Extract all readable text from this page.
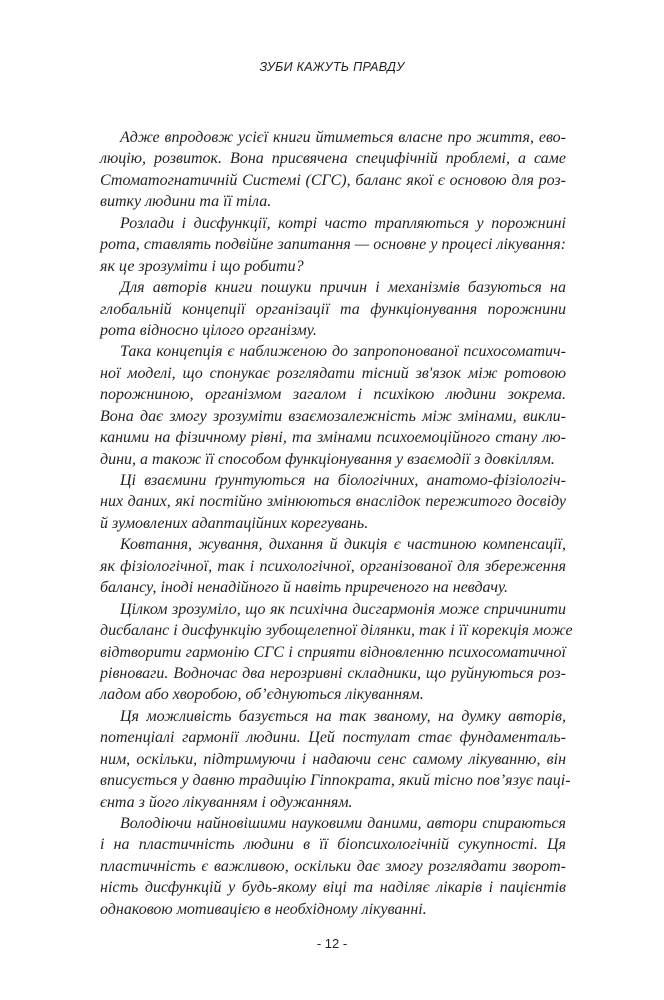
ЗУБИ КАЖУТЬ ПРАВДУ
Адже впродовж усієї книги йтиметься власне про життя, ево-
люцію, розвиток. Вона присвячена специфічній проблемі, а саме
Стоматогнатичній Системі (СГС), баланс якої є основою для роз-
витку людини та її тіла.
Розлади і дисфункції, котрі часто трапляються у порожнині
рота, ставлять подвійне запитання — основне у процесі лікування:
як це зрозуміти і що робити?
Для авторів книги пошуки причин і механізмів базуються на
глобальній концепції організації та функціонування порожнини
рота відносно цілого організму.
Така концепція є наближеною до запропонованої психосоматич-
ної моделі, що спонукає розглядати тісний зв'язок між ротовою
порожниною, організмом загалом і психікою людини зокрема.
Вона дає змогу зрозуміти взаємозалежність між змінами, викли-
каними на фізичному рівні, та змінами психоемоційного стану лю-
дини, а також її способом функціонування у взаємодії з довкіллям.
Ці взаємини ґрунтуються на біологічних, анатомо-фізіологіч-
них даних, які постійно змінюються внаслідок пережитого досвіду
й зумовлених адаптаційних корегувань.
Ковтання, жування, дихання й дикція є частиною компенсації,
як фізіологічної, так і психологічної, організованої для збереження
балансу, іноді ненадійного й навіть приреченого на невдачу.
Цілком зрозуміло, що як психічна дисгармонія може спричинити
дисбаланс і дисфункцію зубощелепної ділянки, так і її корекція може
відтворити гармонію СГС і сприяти відновленню психосоматичної
рівноваги. Водночас два нерозривні складники, що руйнуються роз-
ладом або хворобою, об’єднуються лікуванням.
Ця можливість базується на так званому, на думку авторів,
потенціалі гармонії людини. Цей постулат стає фундаменталь-
ним, оскільки, підтримуючи і надаючи сенс самому лікуванню, він
вписується у давню традицію Гіппократа, який тісно пов’язує паці-
єнта з його лікуванням і одужанням.
Володіючи найновішими науковими даними, автори спираються
і на пластичність людини в її біопсихологічній сукупності. Ця
пластичність є важливою, оскільки дає змогу розглядати зворот-
ність дисфункцій у будь-якому віці та наділяє лікарів і пацієнтів
однаковою мотивацією в необхідному лікуванні.
- 12 -
